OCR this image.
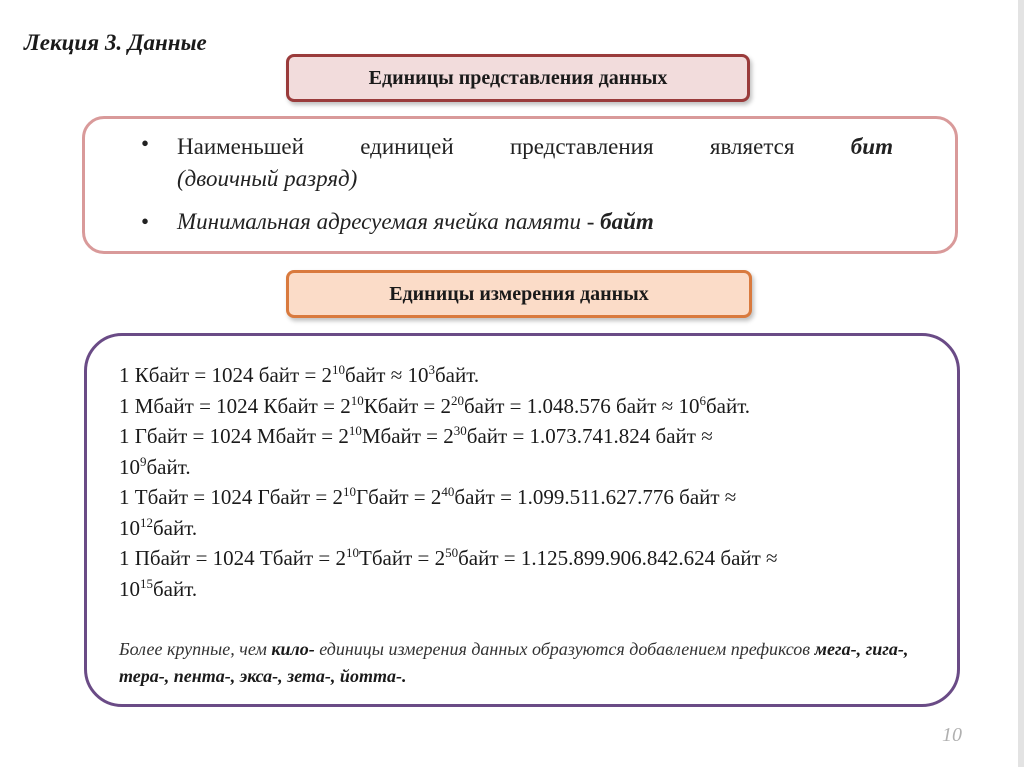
Лекция 3. Данные
Единицы представления данных
•	Наименьшей единицей представления является бит
(двоичный разряд)
•	Минимальная адресуемая ячейка памяти - байт
Единицы измерения данных
1 Кбайт = 1024 байт = $2^{10}байт$ ≈ $10^3байт$.
1 Мбайт = 1024 Кбайт = $2^{10}Кбайт$ = $2^{20}байт = 1.048.576$ байт ≈ $10^6байт$.
1 Гбайт = 1024 Мбайт = $2^{10}Мбайт$ = $2^{30}байт = 1.073.741.824$ байт ≈
$10^9байт$.
1 Тбайт = 1024 Гбайт = $2^{10}Гбайт$ = $2^{40}байт = 1.099.511.627.776$ байт ≈
$10^{12}байт$.
1 Пбайт = 1024 Тбайт = $2^{10}Тбайт$ = $2^{50}байт = 1.125.899.906.842.624$ байт ≈
$10^{15}байт$.
Более крупные, чем кило- единицы измерения данных образуются добавлением префиксов мега-, гига-, тера-, пента-, экса-, зета-, йотта-.
10
